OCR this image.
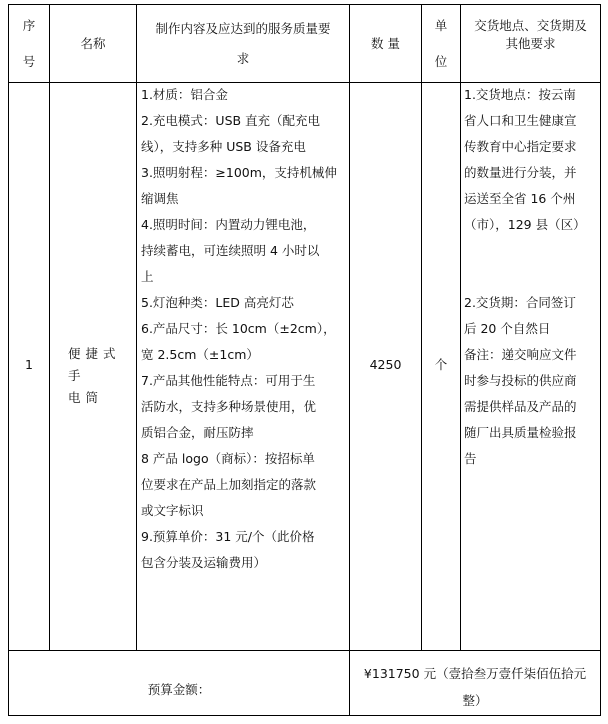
序
号
名称
制作内容及应达到的服务质量要
求
数 量
单
位
交货地点、交货期及
其他要求
1
便捷式手
电筒
1.材质：铝合金
2.充电模式：USB 直充（配充电
线），支持多种 USB 设备充电
3.照明射程：≥100m，支持机械伸
缩调焦
4.照明时间：内置动力锂电池，
持续蓄电，可连续照明 4 小时以
上
5.灯泡种类：LED 高亮灯芯
6.产品尺寸：长 10cm（±2cm），
宽 2.5cm（±1cm）
7.产品其他性能特点：可用于生
活防水，支持多种场景使用，优
质铝合金，耐压防摔
8 产品 logo（商标）：按招标单
位要求在产品上加刻指定的落款
或文字标识
9.预算单价：31 元/个（此价格
包含分装及运输费用）
4250	个
1.交货地点：按云南
省人口和卫生健康宣
传教育中心指定要求
的数量进行分装，并
运送至全省 16 个州
（市），129 县（区）
2.交货期：合同签订
后 20 个自然日
备注：递交响应文件
时参与投标的供应商
需提供样品及产品的
随厂出具质量检验报
告
预算金额：
¥131750 元（壹拾叁万壹仟柒佰伍拾元
整）
